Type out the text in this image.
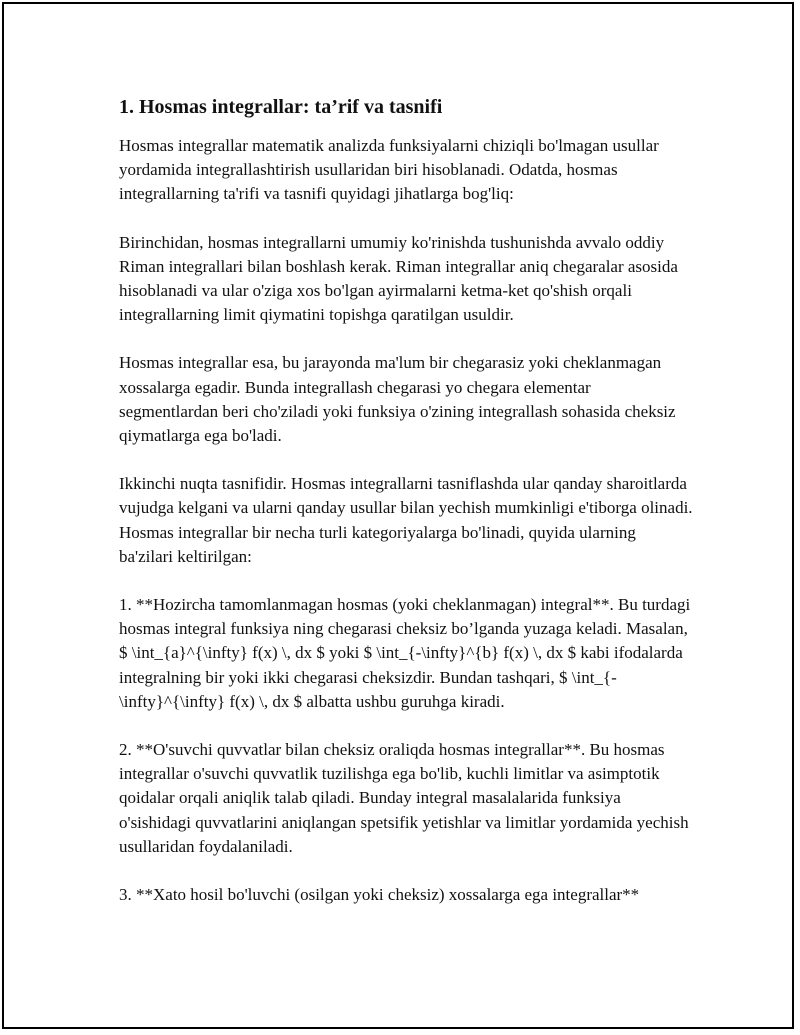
1. Hosmas integrallar: ta’rif va tasnifi

Hosmas integrallar matematik analizda funksiyalarni chiziqli bo'lmagan usullar yordamida integrallashtirish usullaridan biri hisoblanadi. Odatda, hosmas integrallarning ta'rifi va tasnifi quyidagi jihatlarga bog'liq:

Birinchidan, hosmas integrallarni umumiy ko'rinishda tushunishda avvalo oddiy Riman integrallari bilan boshlash kerak. Riman integrallar aniq chegaralar asosida hisoblanadi va ular o'ziga xos bo'lgan ayirmalarni ketma-ket qo'shish orqali integrallarning limit qiymatini topishga qaratilgan usuldir.

Hosmas integrallar esa, bu jarayonda ma'lum bir chegarasiz yoki cheklanmagan xossalarga egadir. Bunda integrallash chegarasi yo chegara elementar segmentlardan beri cho'ziladi yoki funksiya o'zining integrallash sohasida cheksiz qiymatlarga ega bo'ladi.

Ikkinchi nuqta tasnifidir. Hosmas integrallarni tasniflashda ular qanday sharoitlarda vujudga kelgani va ularni qanday usullar bilan yechish mumkinligi e'tiborga olinadi. Hosmas integrallar bir necha turli kategoriyalarga bo'linadi, quyida ularning ba'zilari keltirilgan:

1. **Hozircha tamomlanmagan hosmas (yoki cheklanmagan) integral**. Bu turdagi hosmas integral funksiya ning chegarasi cheksiz bo’lganda yuzaga keladi. Masalan, $ \int_{a}^{\infty} f(x) \, dx $ yoki $ \int_{-\infty}^{b} f(x) \, dx $ kabi ifodalarda integralning bir yoki ikki chegarasi cheksizdir. Bundan tashqari, $ \int_{-\infty}^{\infty} f(x) \, dx $ albatta ushbu guruhga kiradi.

2. **O'suvchi quvvatlar bilan cheksiz oraliqda hosmas integrallar**. Bu hosmas integrallar o'suvchi quvvatlik tuzilishga ega bo'lib, kuchli limitlar va asimptotik qoidalar orqali aniqlik talab qiladi. Bunday integral masalalarida funksiya o'sishidagi quvvatlarini aniqlangan spetsifik yetishlar va limitlar yordamida yechish usullaridan foydalaniladi.

3. **Xato hosil bo'luvchi (osilgan yoki cheksiz) xossalarga ega integrallar**
